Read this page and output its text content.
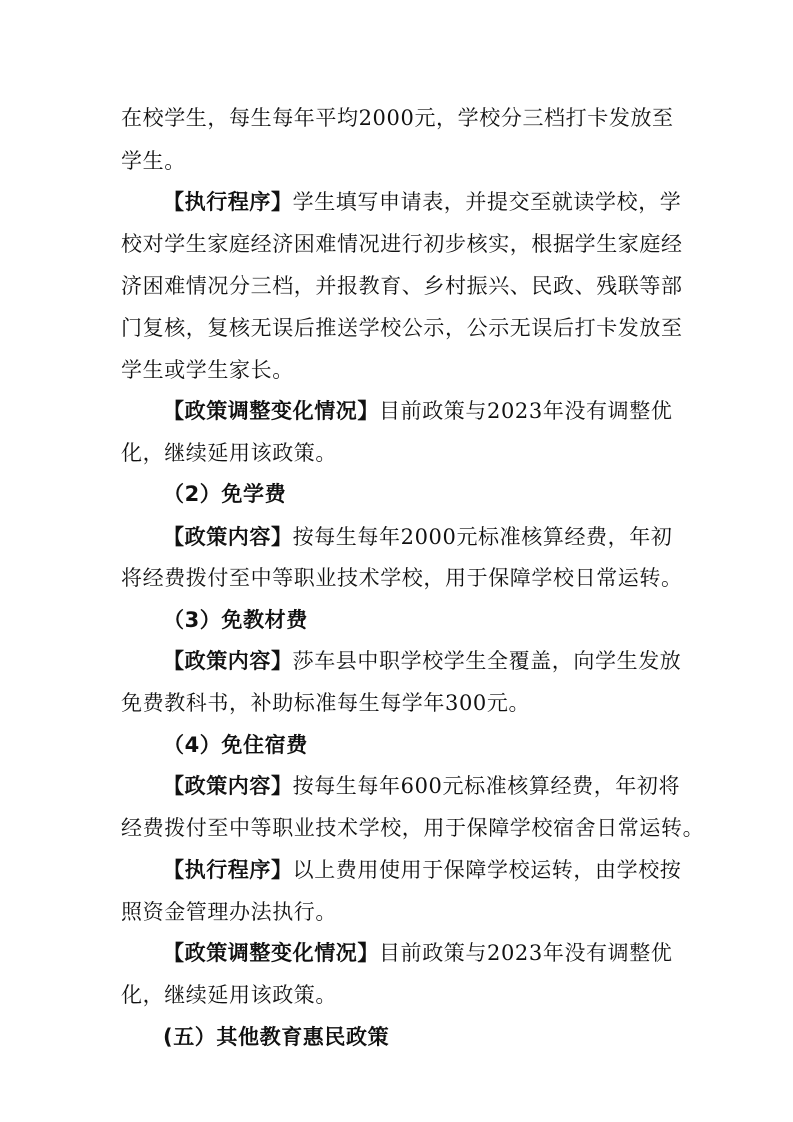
在校学生，每生每年平均2000元，学校分三档打卡发放至
学生。
【执行程序】学生填写申请表，并提交至就读学校，学
校对学生家庭经济困难情况进行初步核实，根据学生家庭经
济困难情况分三档，并报教育、乡村振兴、民政、残联等部
门复核，复核无误后推送学校公示，公示无误后打卡发放至
学生或学生家长。
【政策调整变化情况】目前政策与2023年没有调整优
化，继续延用该政策。
（2）免学费
【政策内容】按每生每年2000元标准核算经费，年初
将经费拨付至中等职业技术学校，用于保障学校日常运转。
（3）免教材费
【政策内容】莎车县中职学校学生全覆盖，向学生发放
免费教科书，补助标准每生每学年300元。
（4）免住宿费
【政策内容】按每生每年600元标准核算经费，年初将
经费拨付至中等职业技术学校，用于保障学校宿舍日常运转。
【执行程序】以上费用使用于保障学校运转，由学校按
照资金管理办法执行。
【政策调整变化情况】目前政策与2023年没有调整优
化，继续延用该政策。
(五）其他教育惠民政策
